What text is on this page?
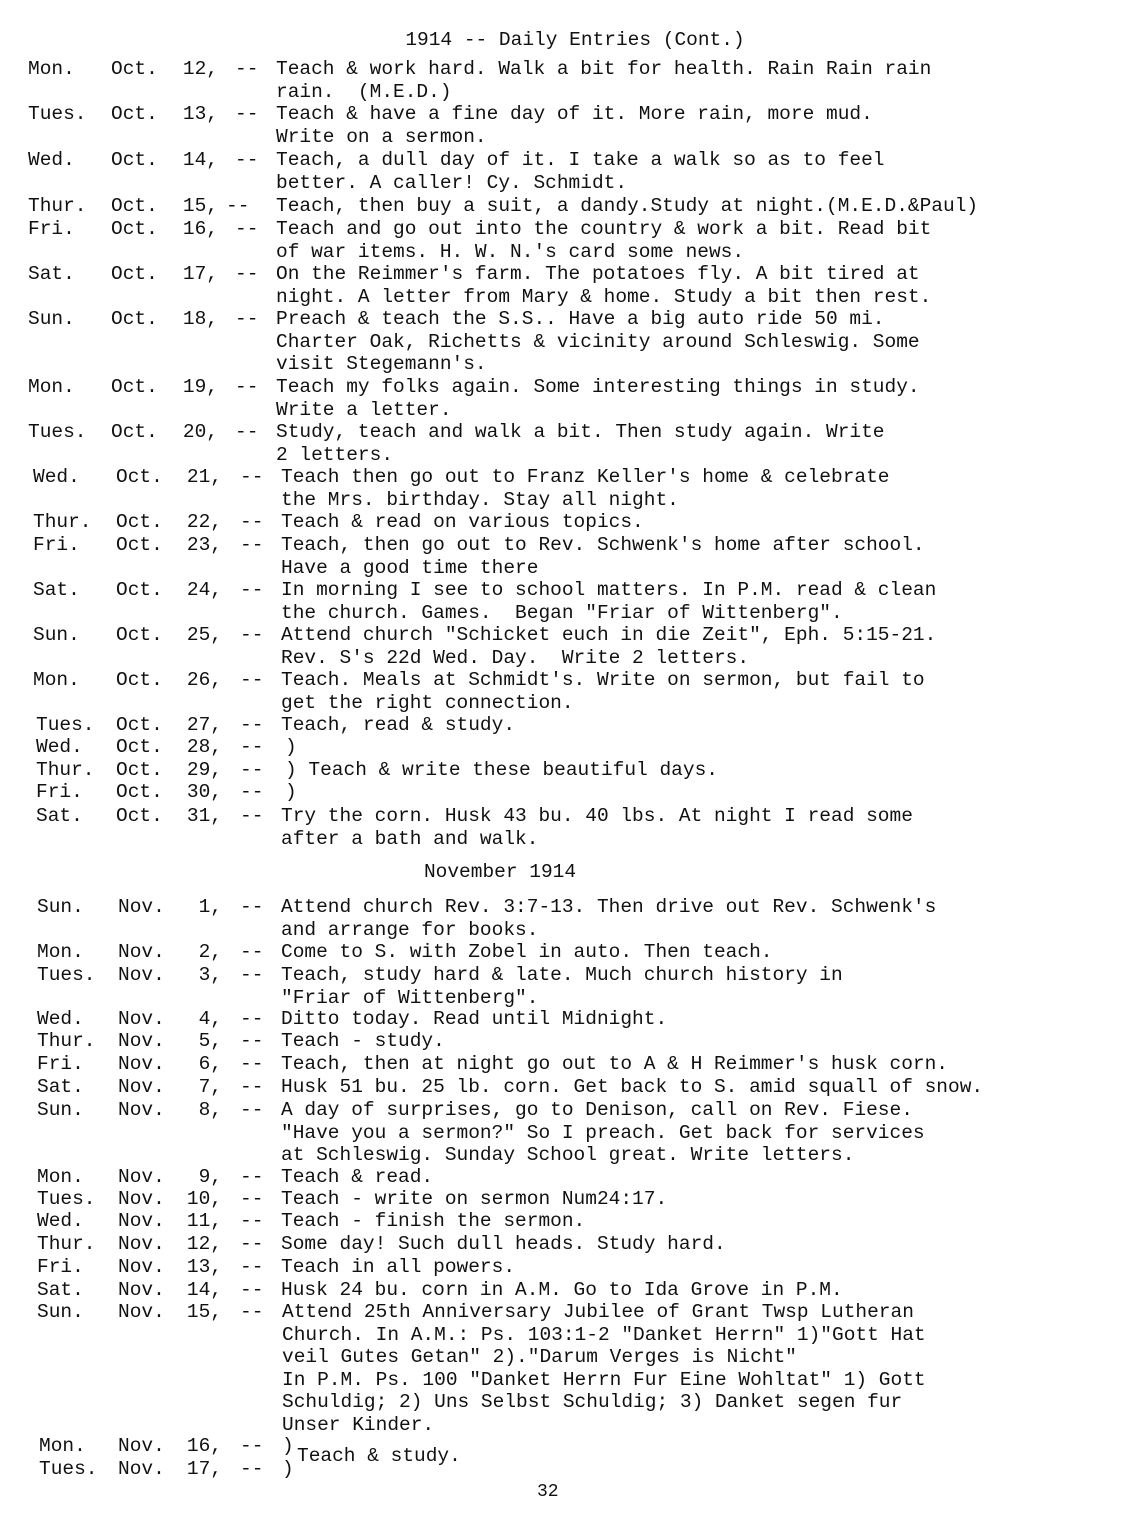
1914 -- Daily Entries (Cont.)
Mon. Oct.	12, -- Teach & work hard. Walk a bit for health. Rain Rain rain
rain.  (M.E.D.)
Tues. Oct.	13, -- Teach & have a fine day of it. More rain, more mud.
Write on a sermon.
Wed. Oct.	14, -- Teach, a dull day of it. I take a walk so as to feel
better. A caller! Cy. Schmidt.
Thur. Oct.	15, -- Teach, then buy a suit, a dandy.Study at night.(M.E.D.&Paul)
Fri. Oct.	16, -- Teach and go out into the country & work a bit. Read bit
of war items. H. W. N.'s card some news.
Sat. Oct.	17, -- On the Reimmer's farm. The potatoes fly. A bit tired at
night. A letter from Mary & home. Study a bit then rest.
Sun. Oct.	18, -- Preach & teach the S.S.. Have a big auto ride 50 mi.
Charter Oak, Richetts & vicinity around Schleswig. Some
visit Stegemann's.
Mon. Oct.	19, -- Teach my folks again. Some interesting things in study.
Write a letter.
Tues. Oct.	20, -- Study, teach and walk a bit. Then study again. Write
2 letters.
Wed. Oct.	21, -- Teach then go out to Franz Keller's home & celebrate
the Mrs. birthday. Stay all night.
Thur. Oct.	22, -- Teach & read on various topics.
Fri. Oct.	23, -- Teach, then go out to Rev. Schwenk's home after school.
Have a good time there
Sat. Oct.	24, -- In morning I see to school matters. In P.M. read & clean
the church. Games.  Began "Friar of Wittenberg".
Sun. Oct.	25, -- Attend church "Schicket euch in die Zeit", Eph. 5:15-21.
Rev. S's 22d Wed. Day.  Write 2 letters.
Mon. Oct.	26, -- Teach. Meals at Schmidt's. Write on sermon, but fail to
get the right connection.
Tues. Oct.	27, -- Teach, read & study.
Wed. Oct.	28, -- )
Thur. Oct.	29, -- ) Teach & write these beautiful days.
Fri. Oct.	30, -- )
Sat. Oct.	31, -- Try the corn. Husk 43 bu. 40 lbs. At night I read some
after a bath and walk.
November 1914
Sun. Nov.	1, -- Attend church Rev. 3:7-13. Then drive out Rev. Schwenk's
and arrange for books.
Mon. Nov.	2, -- Come to S. with Zobel in auto. Then teach.
Tues. Nov.	3, -- Teach, study hard & late. Much church history in
"Friar of Wittenberg".
Wed. Nov.	4, -- Ditto today. Read until Midnight.
Thur. Nov.	5, -- Teach - study.
Fri. Nov.	6, -- Teach, then at night go out to A & H Reimmer's husk corn.
Sat. Nov.	7, -- Husk 51 bu. 25 lb. corn. Get back to S. amid squall of snow.
Sun. Nov.	8, -- A day of surprises, go to Denison, call on Rev. Fiese.
"Have you a sermon?" So I preach. Get back for services
at Schleswig. Sunday School great. Write letters.
Mon. Nov.	9, -- Teach & read.
Tues. Nov.	10, -- Teach - write on sermon Num24:17.
Wed. Nov.	11, -- Teach - finish the sermon.
Thur. Nov.	12, -- Some day! Such dull heads. Study hard.
Fri. Nov.	13, -- Teach in all powers.
Sat. Nov.	14, -- Husk 24 bu. corn in A.M. Go to Ida Grove in P.M.
Sun. Nov.	15, -- Attend 25th Anniversary Jubilee of Grant Twsp Lutheran
Church. In A.M.: Ps. 103:1-2 "Danket Herrn" 1)"Gott Hat
veil Gutes Getan" 2)."Darum Verges is Nicht"
In P.M. Ps. 100 "Danket Herrn Fur Eine Wohltat" 1) Gott
Schuldig; 2) Uns Selbst Schuldig; 3) Danket segen fur
Unser Kinder.
Mon. Nov.	16, -- )
Tues. Nov.	17, -- )
Teach & study.
32
